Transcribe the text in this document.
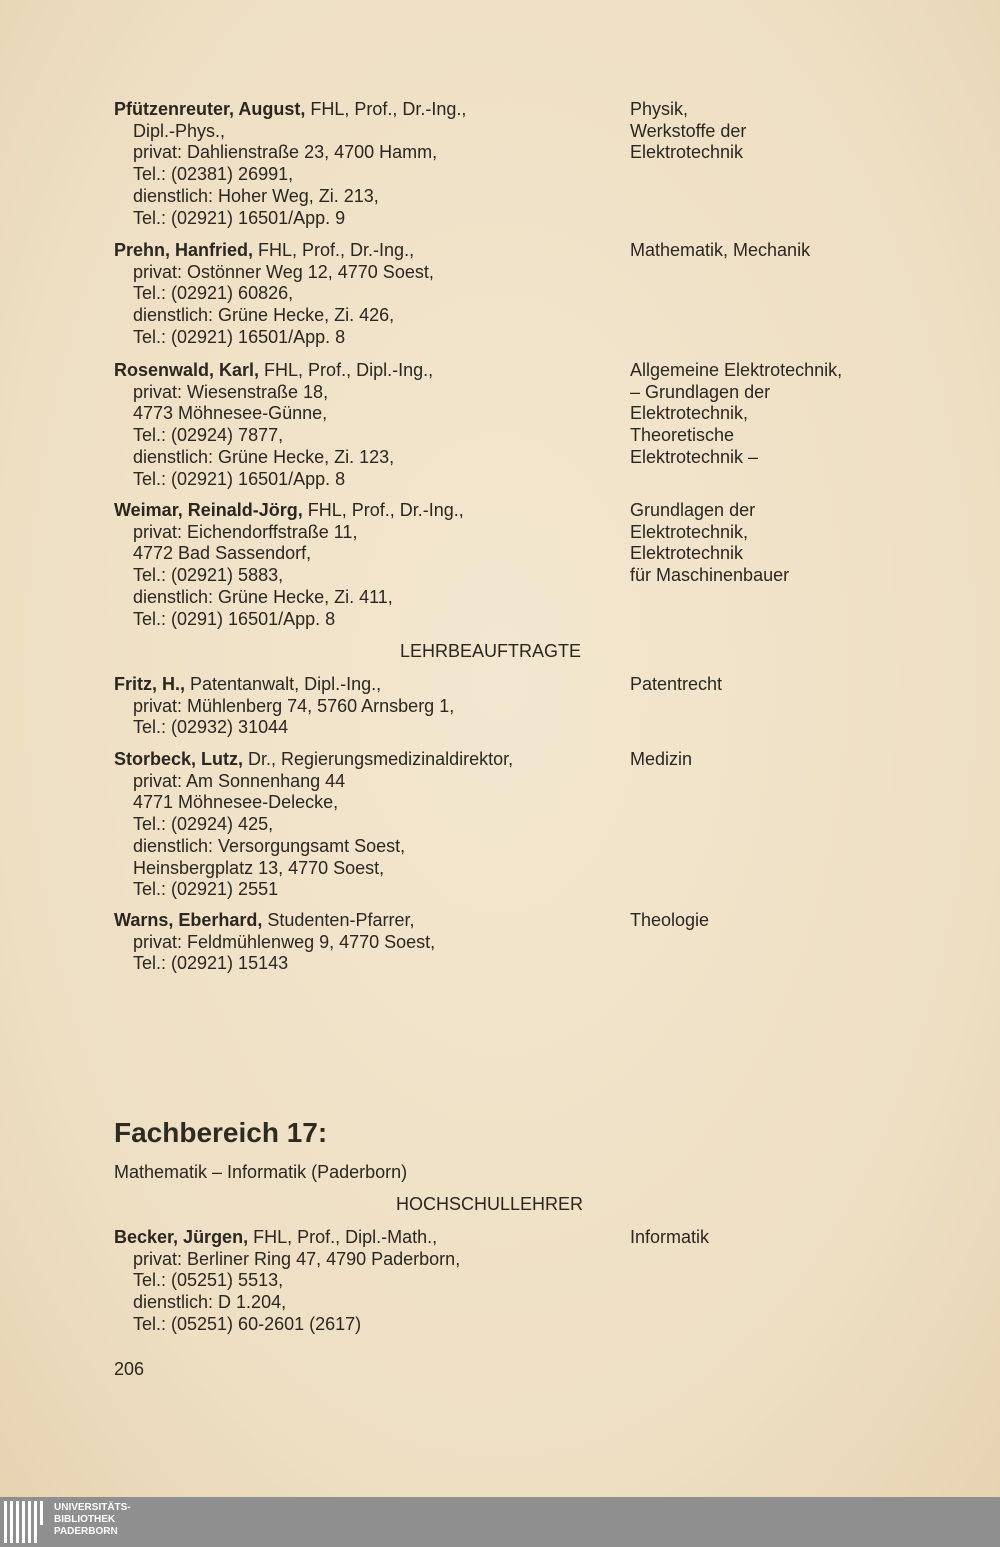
Pfützenreuter, August, FHL, Prof., Dr.-Ing.,
Dipl.-Phys.,
privat: Dahlienstraße 23, 4700 Hamm,
Tel.: (02381) 26991,
dienstlich: Hoher Weg, Zi. 213,
Tel.: (02921) 16501/App. 9
Physik,
Werkstoffe der
Elektrotechnik
Prehn, Hanfried, FHL, Prof., Dr.-Ing.,
privat: Ostönner Weg 12, 4770 Soest,
Tel.: (02921) 60826,
dienstlich: Grüne Hecke, Zi. 426,
Tel.: (02921) 16501/App. 8
Mathematik, Mechanik
Rosenwald, Karl, FHL, Prof., Dipl.-Ing.,
privat: Wiesenstraße 18,
4773 Möhnesee-Günne,
Tel.: (02924) 7877,
dienstlich: Grüne Hecke, Zi. 123,
Tel.: (02921) 16501/App. 8
Allgemeine Elektrotechnik,
– Grundlagen der
Elektrotechnik,
Theoretische
Elektrotechnik –
Weimar, Reinald-Jörg, FHL, Prof., Dr.-Ing.,
privat: Eichendorffstraße 11,
4772 Bad Sassendorf,
Tel.: (02921) 5883,
dienstlich: Grüne Hecke, Zi. 411,
Tel.: (0291) 16501/App. 8
Grundlagen der
Elektrotechnik,
Elektrotechnik
für Maschinenbauer
LEHRBEAUFTRAGTE
Fritz, H., Patentanwalt, Dipl.-Ing.,
privat: Mühlenberg 74, 5760 Arnsberg 1,
Tel.: (02932) 31044
Patentrecht
Storbeck, Lutz, Dr., Regierungsmedizinaldirektor,
privat: Am Sonnenhang 44
4771 Möhnesee-Delecke,
Tel.: (02924) 425,
dienstlich: Versorgungsamt Soest,
Heinsbergplatz 13, 4770 Soest,
Tel.: (02921) 2551
Medizin
Warns, Eberhard, Studenten-Pfarrer,
privat: Feldmühlenweg 9, 4770 Soest,
Tel.: (02921) 15143
Theologie
Fachbereich 17:
Mathematik – Informatik (Paderborn)
HOCHSCHULLEHRER
Becker, Jürgen, FHL, Prof., Dipl.-Math.,
privat: Berliner Ring 47, 4790 Paderborn,
Tel.: (05251) 5513,
dienstlich: D 1.204,
Tel.: (05251) 60-2601 (2617)
Informatik
206
UNIVERSITÄTS-
BIBLIOTHEK
PADERBORN
